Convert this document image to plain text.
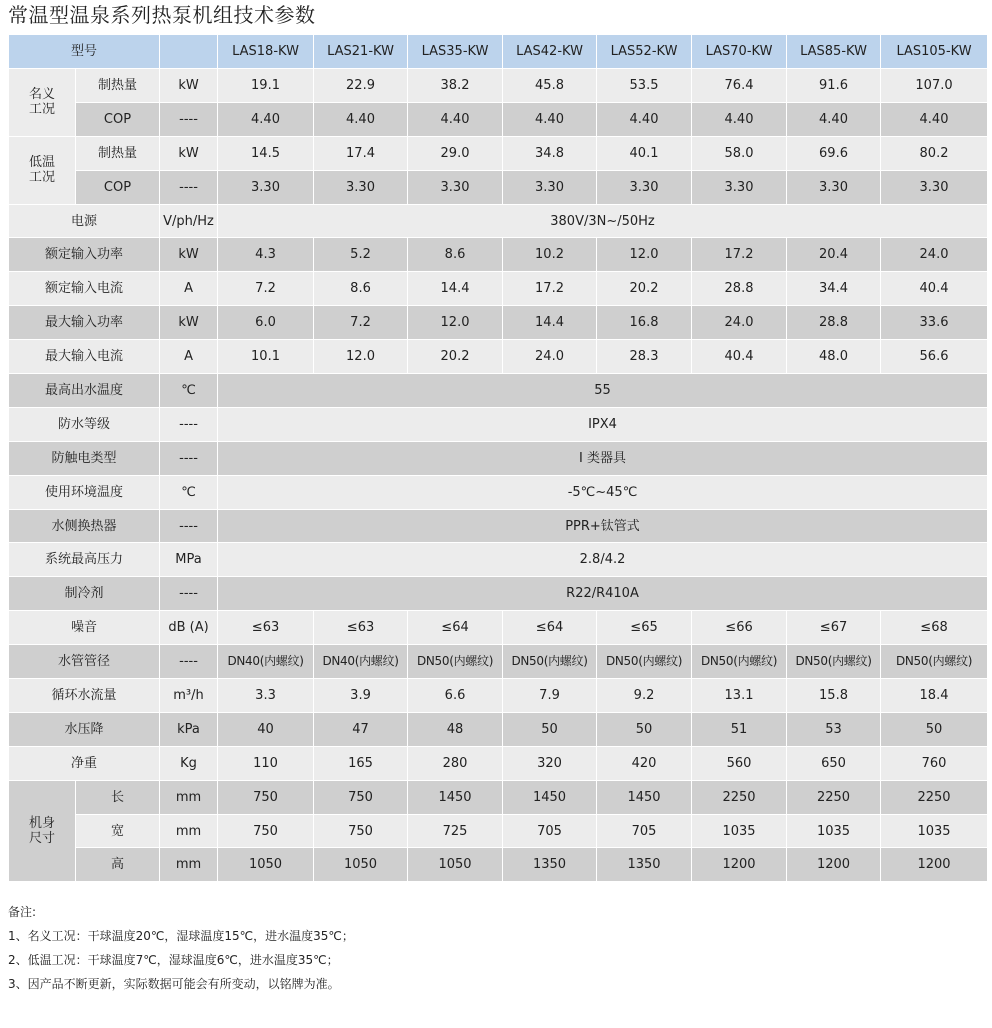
常温型温泉系列热泵机组技术参数
型号			LAS18-KW	LAS21-KW	LAS35-KW	LAS42-KW	LAS52-KW	LAS70-KW	LAS85-KW	LAS105-KW
名义
工况	制热量	kW	19.1	22.9	38.2	45.8	53.5	76.4	91.6	107.0
	COP	----	4.40	4.40	4.40	4.40	4.40	4.40	4.40	4.40
低温
工况	制热量	kW	14.5	17.4	29.0	34.8	40.1	58.0	69.6	80.2
	COP	----	3.30	3.30	3.30	3.30	3.30	3.30	3.30	3.30
电源		V/ph/Hz	380V/3N~/50Hz							
额定输入功率		kW	4.3	5.2	8.6	10.2	12.0	17.2	20.4	24.0
额定输入电流		A	7.2	8.6	14.4	17.2	20.2	28.8	34.4	40.4
最大输入功率		kW	6.0	7.2	12.0	14.4	16.8	24.0	28.8	33.6
最大输入电流		A	10.1	12.0	20.2	24.0	28.3	40.4	48.0	56.6
最高出水温度		℃	55							
防水等级		----	IPX4							
防触电类型		----	I 类器具							
使用环境温度		℃	-5℃~45℃							
水侧换热器		----	PPR+钛管式							
系统最高压力		MPa	2.8/4.2							
制冷剂		----	R22/R410A							
噪音		dB (A)	≤63	≤63	≤64	≤64	≤65	≤66	≤67	≤68
水管管径		----	DN40(内螺纹)	DN40(内螺纹)	DN50(内螺纹)	DN50(内螺纹)	DN50(内螺纹)	DN50(内螺纹)	DN50(内螺纹)	DN50(内螺纹)
循环水流量		m³/h	3.3	3.9	6.6	7.9	9.2	13.1	15.8	18.4
水压降		kPa	40	47	48	50	50	51	53	50
净重		Kg	110	165	280	320	420	560	650	760
机身
尺寸	长	mm	750	750	1450	1450	1450	2250	2250	2250
	宽	mm	750	750	725	705	705	1035	1035	1035
	高	mm	1050	1050	1050	1350	1350	1200	1200	1200
备注:
1、名义工况：干球温度20℃，湿球温度15℃，进水温度35℃；
2、低温工况：干球温度7℃，湿球温度6℃，进水温度35℃；
3、因产品不断更新，实际数据可能会有所变动，以铭牌为准。
